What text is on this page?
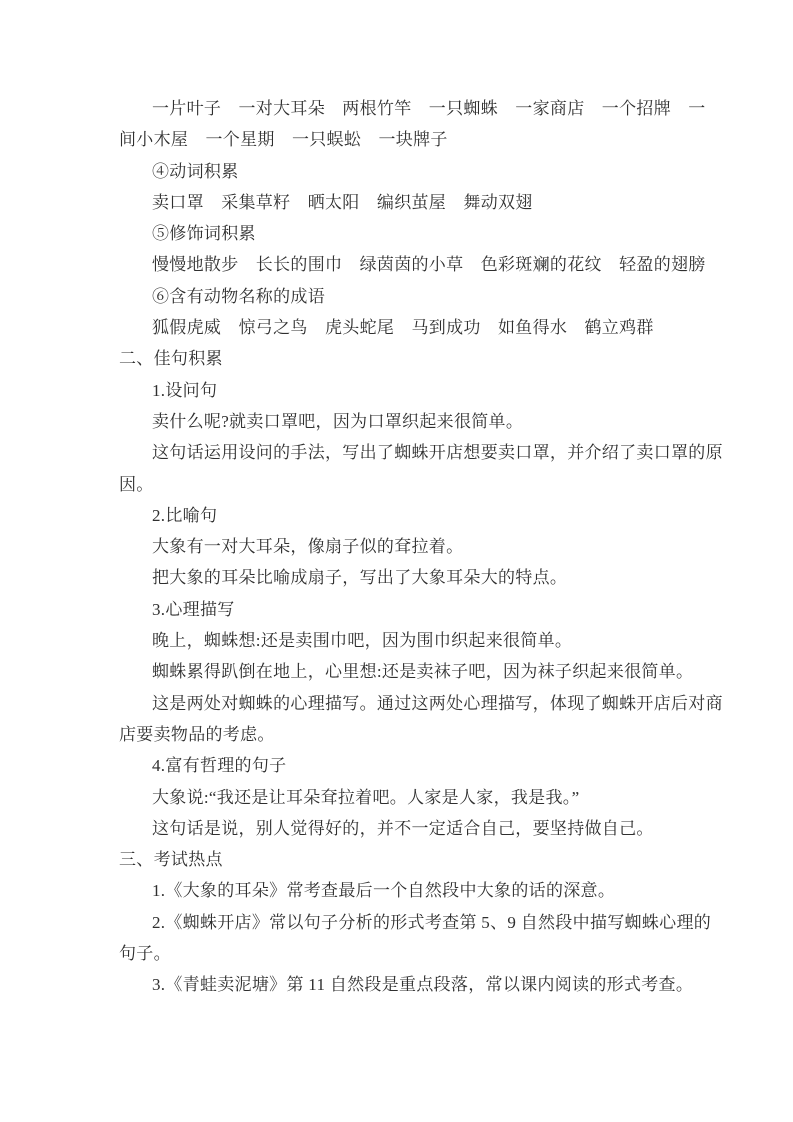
一片叶子　一对大耳朵　两根竹竿　一只蜘蛛　一家商店　一个招牌　一
间小木屋　一个星期　一只蜈蚣　一块牌子
④动词积累
卖口罩　采集草籽　晒太阳　编织茧屋　舞动双翅
⑤修饰词积累
慢慢地散步　长长的围巾　绿茵茵的小草　色彩斑斓的花纹　轻盈的翅膀
⑥含有动物名称的成语
狐假虎威　惊弓之鸟　虎头蛇尾　马到成功　如鱼得水　鹤立鸡群
二、佳句积累
1.设问句
卖什么呢?就卖口罩吧，因为口罩织起来很简单。
这句话运用设问的手法，写出了蜘蛛开店想要卖口罩，并介绍了卖口罩的原
因。
2.比喻句
大象有一对大耳朵，像扇子似的耷拉着。
把大象的耳朵比喻成扇子，写出了大象耳朵大的特点。
3.心理描写
晚上，蜘蛛想:还是卖围巾吧，因为围巾织起来很简单。
蜘蛛累得趴倒在地上，心里想:还是卖袜子吧，因为袜子织起来很简单。
这是两处对蜘蛛的心理描写。通过这两处心理描写，体现了蜘蛛开店后对商
店要卖物品的考虑。
4.富有哲理的句子
大象说:“我还是让耳朵耷拉着吧。人家是人家，我是我。”
这句话是说，别人觉得好的，并不一定适合自己，要坚持做自己。
三、考试热点
1.《大象的耳朵》常考查最后一个自然段中大象的话的深意。
2.《蜘蛛开店》常以句子分析的形式考查第 5、9 自然段中描写蜘蛛心理的
句子。
3.《青蛙卖泥塘》第 11 自然段是重点段落，常以课内阅读的形式考查。
